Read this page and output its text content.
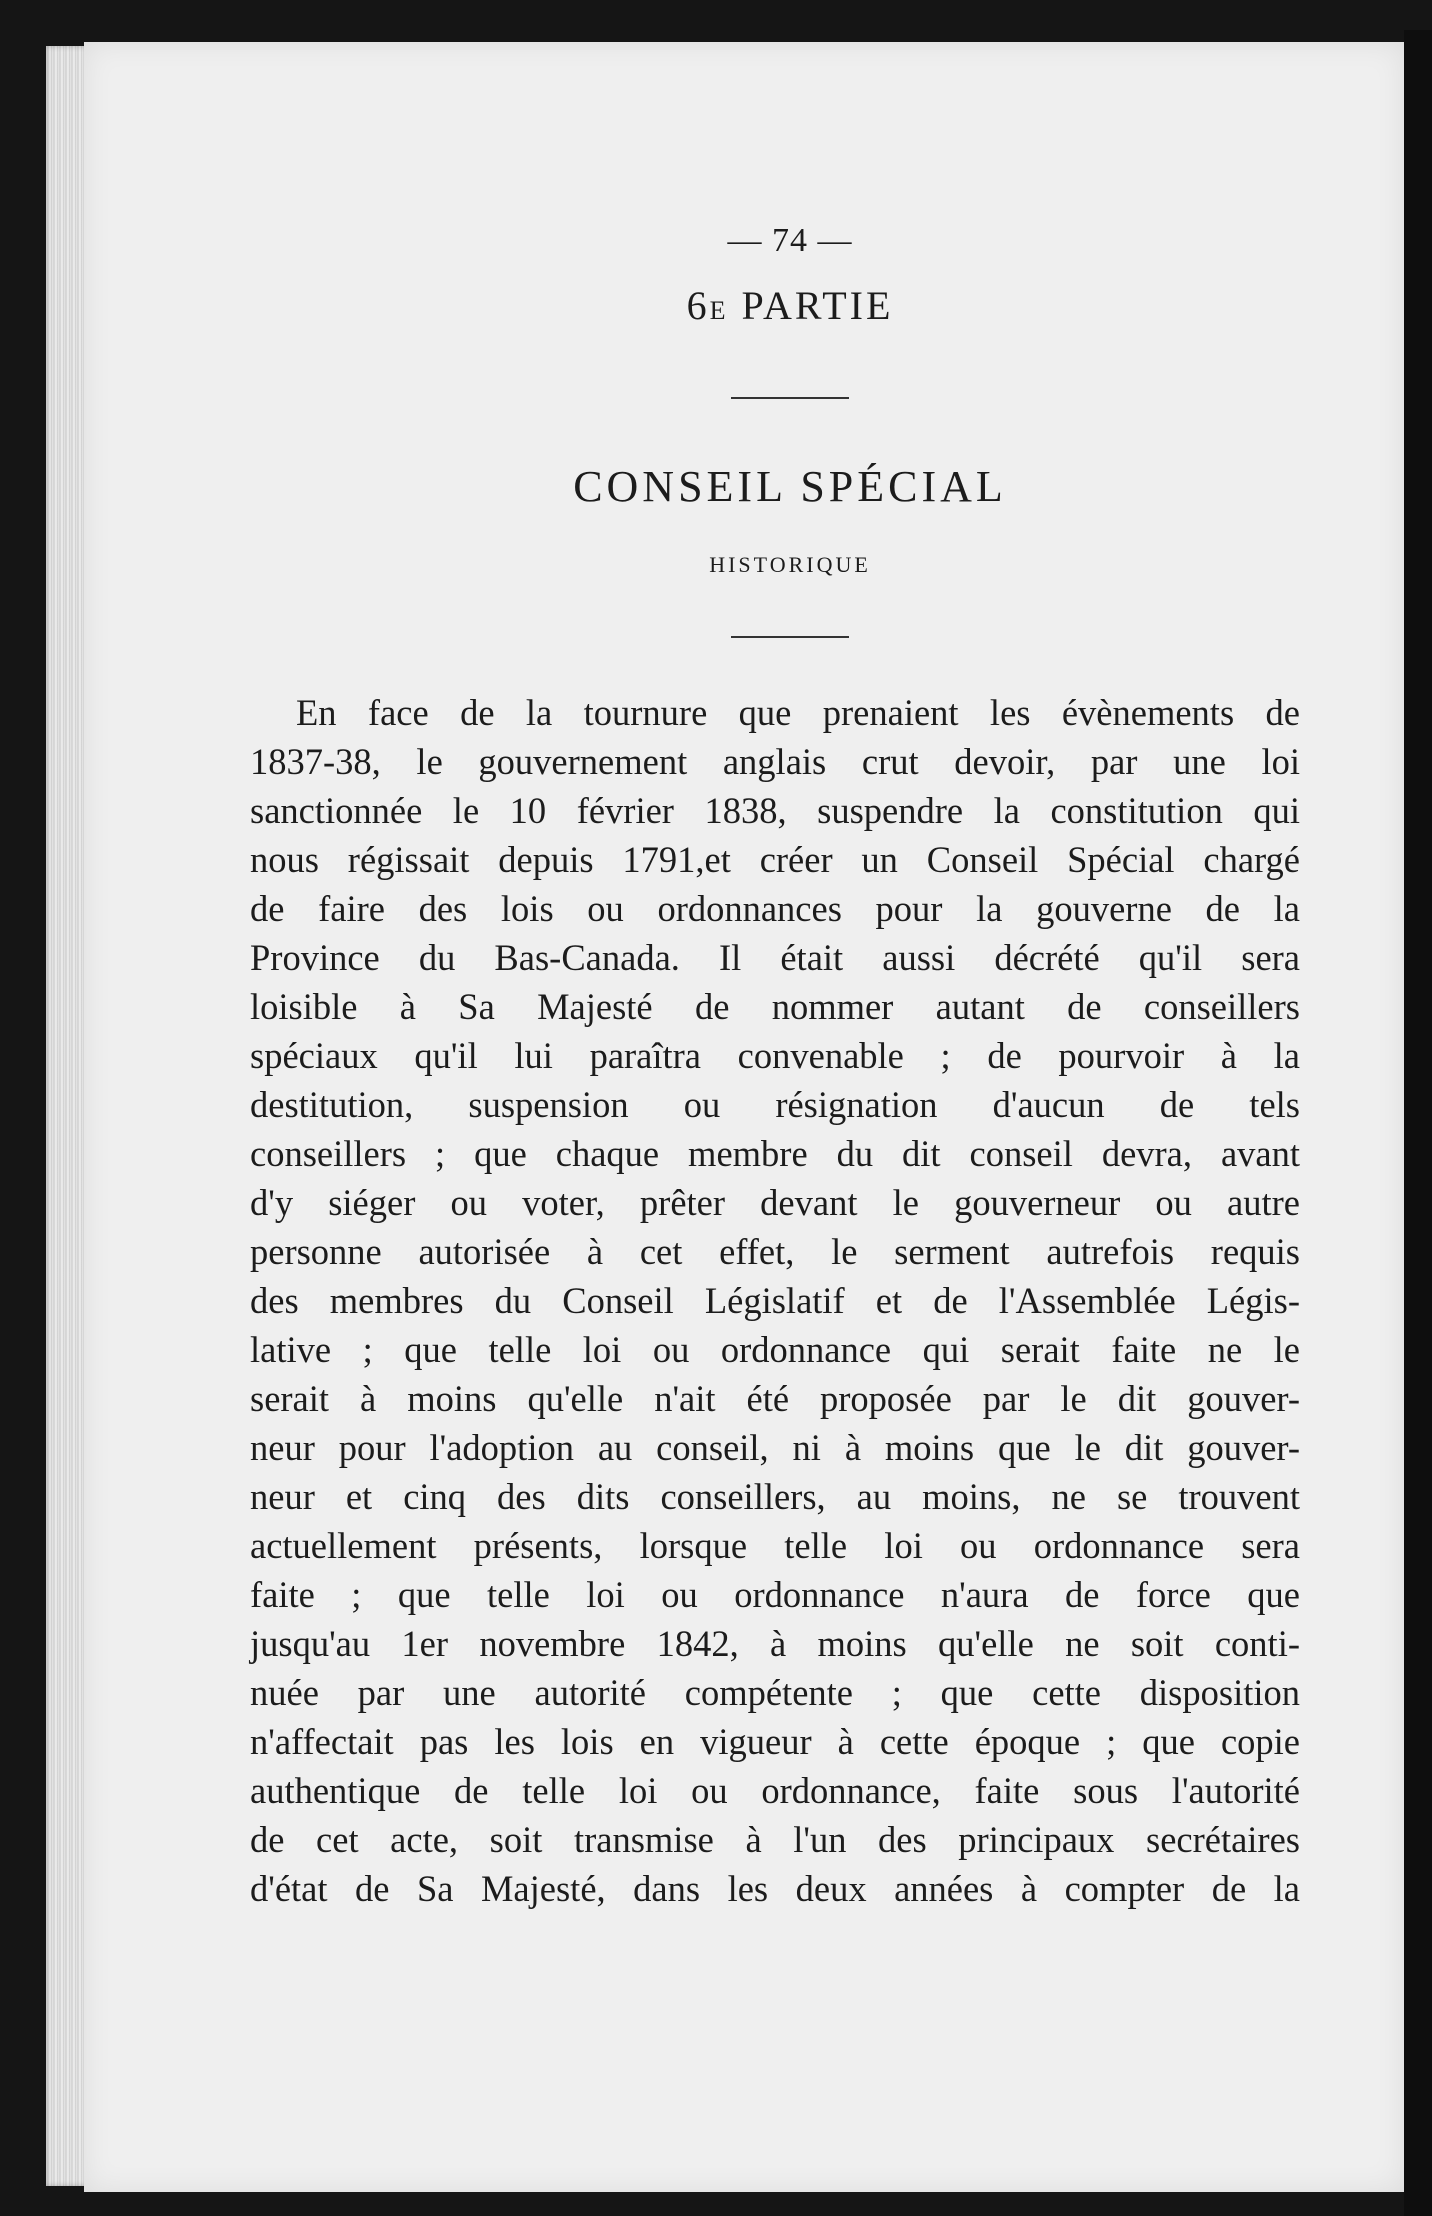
— 74 —
6E PARTIE
CONSEIL SPÉCIAL
HISTORIQUE
En face de la tournure que prenaient les évènements de
1837-38, le gouvernement anglais crut devoir, par une loi
sanctionnée le 10 février 1838, suspendre la constitution qui
nous régissait depuis 1791,et créer un Conseil Spécial chargé
de faire des lois ou ordonnances pour la gouverne de la
Province du Bas-Canada. Il était aussi décrété qu'il sera
loisible à Sa Majesté de nommer autant de conseillers
spéciaux qu'il lui paraîtra convenable ; de pourvoir à la
destitution, suspension ou résignation d'aucun de tels
conseillers ; que chaque membre du dit conseil devra, avant
d'y siéger ou voter, prêter devant le gouverneur ou autre
personne autorisée à cet effet, le serment autrefois requis
des membres du Conseil Législatif et de l'Assemblée Légis-
lative ; que telle loi ou ordonnance qui serait faite ne le
serait à moins qu'elle n'ait été proposée par le dit gouver-
neur pour l'adoption au conseil, ni à moins que le dit gouver-
neur et cinq des dits conseillers, au moins, ne se trouvent
actuellement présents, lorsque telle loi ou ordonnance sera
faite ; que telle loi ou ordonnance n'aura de force que
jusqu'au 1er novembre 1842, à moins qu'elle ne soit conti-
nuée par une autorité compétente ; que cette disposition
n'affectait pas les lois en vigueur à cette époque ; que copie
authentique de telle loi ou ordonnance, faite sous l'autorité
de cet acte, soit transmise à l'un des principaux secrétaires
d'état de Sa Majesté, dans les deux années à compter de la
